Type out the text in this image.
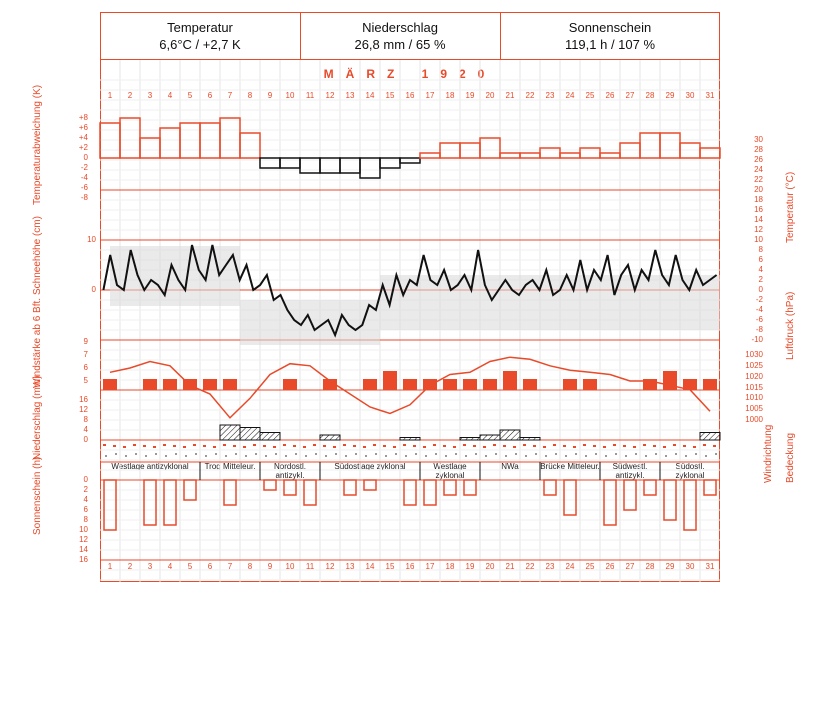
Temperatur
6,6°C / +2,7 K
Niederschlag
26,8 mm / 65 %
Sonnenschein
119,1 h / 107 %
MÄRZ 1920
Temperaturabweichung (K)
Schneehöhe (cm)
Windstärke ab 6 Bft.
Niederschlag (mm)
Sonnenschein (h)
Temperatur (°C)
Luftdruck (hPa)
Windrichtung Bedeckung
1
1
2
2
3
3
4
4
5
5
6
6
7
7
8
8
9
9
10
10
11
11
12
12
13
13
14
14
15
15
16
16
17
17
18
18
19
19
20
20
21
21
22
22
23
23
24
24
25
25
26
26
27
27
28
28
29
29
30
30
31
31
+8
+6
+4
+2
0
-2
-4
-6
-8
30
28
26
24
22
20
18
16
14
12
10
8
6
4
2
0
-2
-4
-6
-8
-10
10
0
1030
1025
1020
1015
1010
1005
1000
9
7
6
5
16
12
8
4
0
Westlage antizyklonal	Trog Mitteleur.	Nordostl. antizykl.
Südostlage zyklonal	Westlage zyklonal
NWa	Brücke Mitteleur.	Südwestl. antizykl.
Südostl. zyklonal
0
2
4
6
8
10
12
14
16
